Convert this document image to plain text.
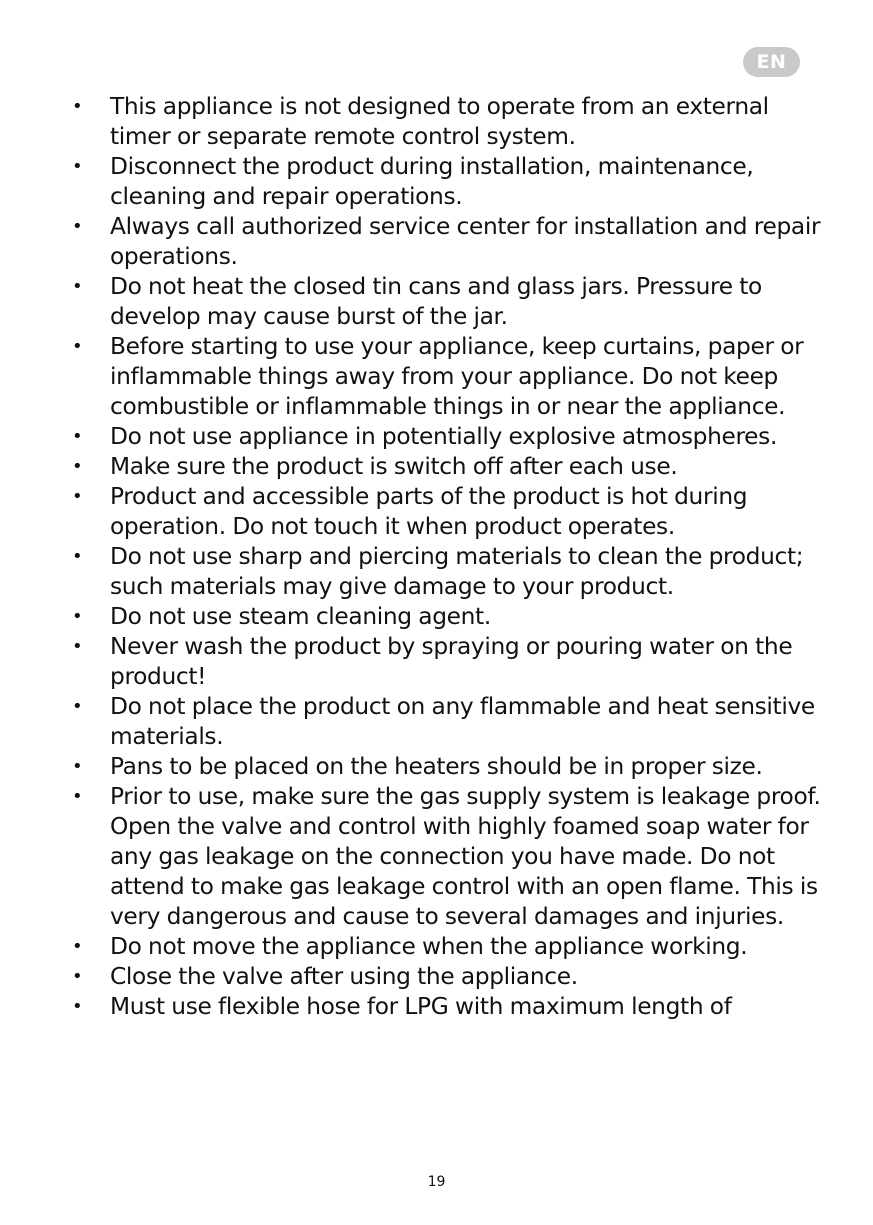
EN
• This appliance is not designed to operate from an external timer or separate remote control system.
• Disconnect the product during installation, maintenance, cleaning and repair operations.
• Always call authorized service center for installation and repair operations.
• Do not heat the closed tin cans and glass jars. Pressure to develop may cause burst of the jar.
• Before starting to use your appliance, keep curtains, paper or inflammable things away from your appliance. Do not keep combustible or inflammable things in or near the appliance.
• Do not use appliance in potentially explosive atmospheres.
• Make sure the product is switch off after each use.
• Product and accessible parts of the product is hot during operation. Do not touch it when product operates.
• Do not use sharp and piercing materials to clean the product; such materials may give damage to your product.
• Do not use steam cleaning agent.
• Never wash the product by spraying or pouring water on the product!
• Do not place the product on any flammable and heat sensitive materials.
• Pans to be placed on the heaters should be in proper size.
• Prior to use, make sure the gas supply system is leakage proof. Open the valve and control with highly foamed soap water for any gas leakage on the connection you have made. Do not attend to make gas leakage control with an open flame. This is very dangerous and cause to several damages and injuries.
• Do not move the appliance when the appliance working.
• Close the valve after using the appliance.
• Must use flexible hose for LPG with maximum length of
19
